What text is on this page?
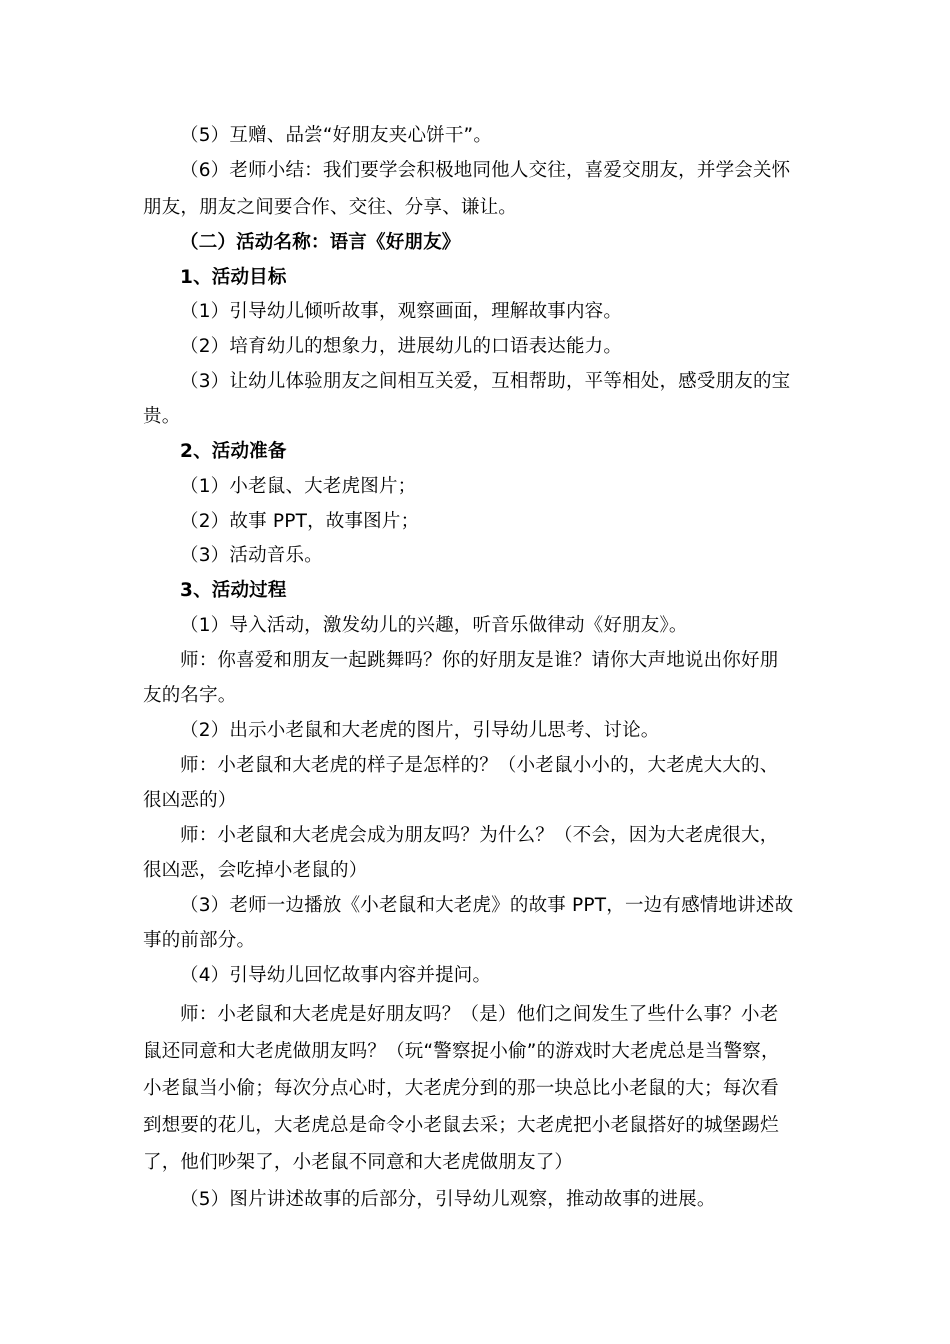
（5）互赠、品尝“好朋友夹心饼干”。
（6）老师小结：我们要学会积极地同他人交往，喜爱交朋友，并学会关怀
朋友，朋友之间要合作、交往、分享、谦让。
（二）活动名称：语言《好朋友》
1、活动目标
（1）引导幼儿倾听故事，观察画面，理解故事内容。
（2）培育幼儿的想象力，进展幼儿的口语表达能力。
（3）让幼儿体验朋友之间相互关爱，互相帮助，平等相处，感受朋友的宝
贵。
2、活动准备
（1）小老鼠、大老虎图片；
（2）故事 PPT，故事图片；
（3）活动音乐。
3、活动过程
（1）导入活动，激发幼儿的兴趣，听音乐做律动《好朋友》。
师：你喜爱和朋友一起跳舞吗？你的好朋友是谁？请你大声地说出你好朋
友的名字。
（2）出示小老鼠和大老虎的图片，引导幼儿思考、讨论。
师：小老鼠和大老虎的样子是怎样的？（小老鼠小小的，大老虎大大的、
很凶恶的）
师：小老鼠和大老虎会成为朋友吗？为什么？（不会，因为大老虎很大，
很凶恶，会吃掉小老鼠的）
（3）老师一边播放《小老鼠和大老虎》的故事 PPT，一边有感情地讲述故
事的前部分。
（4）引导幼儿回忆故事内容并提问。
师：小老鼠和大老虎是好朋友吗？（是）他们之间发生了些什么事？小老
鼠还同意和大老虎做朋友吗？（玩“警察捉小偷”的游戏时大老虎总是当警察，
小老鼠当小偷；每次分点心时，大老虎分到的那一块总比小老鼠的大；每次看
到想要的花儿，大老虎总是命令小老鼠去采；大老虎把小老鼠搭好的城堡踢烂
了，他们吵架了，小老鼠不同意和大老虎做朋友了）
（5）图片讲述故事的后部分，引导幼儿观察，推动故事的进展。
